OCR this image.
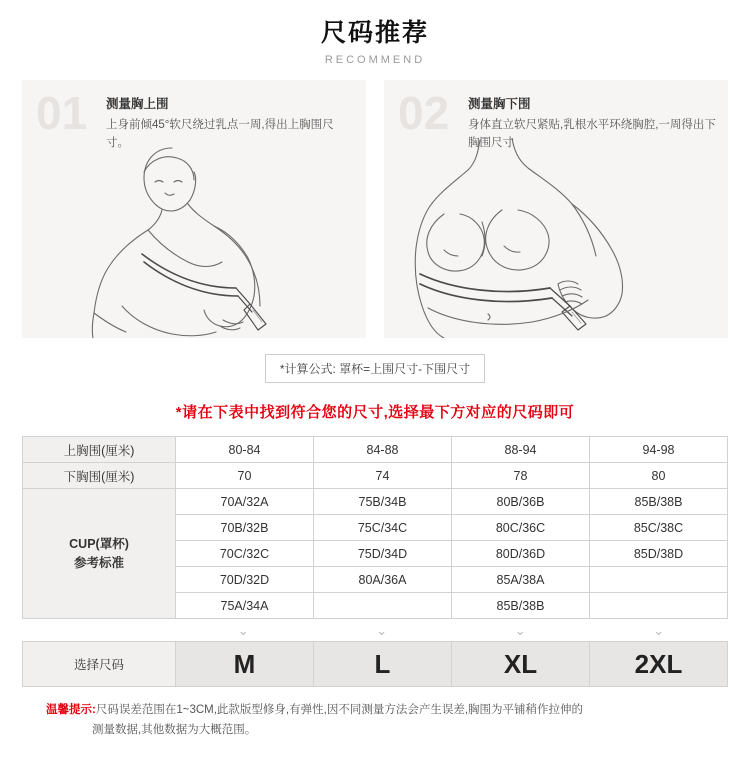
尺码推荐
RECOMMEND
01 测量胸上围
上身前倾45°软尺绕过乳点一周,得出上胸围尺寸。
02 测量胸下围
身体直立软尺紧贴,乳根水平环绕胸腔,一周得出下胸围尺寸
*计算公式: 罩杯=上围尺寸-下围尺寸
*请在下表中找到符合您的尺寸,选择最下方对应的尺码即可
上胸围(厘米)	80-84	84-88	88-94	94-98
下胸围(厘米)	70	74	78	80

CUP(罩杯)
参考标准	70A/32A	75B/34B	80B/36B	85B/38B
	70B/32B	75C/34C	80C/36C	85C/38C
	70C/32C	75D/34D	80D/36D	85D/38D
	70D/32D	80A/36A	85A/38A	
	75A/34A		85B/38B	
⌄	⌄	⌄	⌄
选择尺码	M	L	XL	2XL
温馨提示:尺码误差范围在1~3CM,此款版型修身,有弹性,因不同测量方法会产生误差,胸围为平铺稍作拉伸的
测量数据,其他数据为大概范围。
